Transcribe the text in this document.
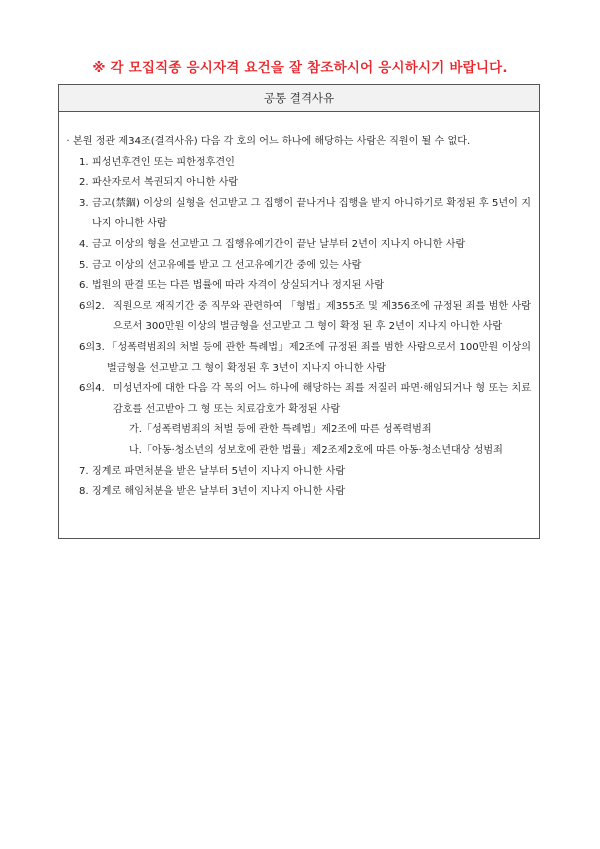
※ 각 모집직종 응시자격 요건을 잘 참조하시어 응시하시기 바랍니다.
공통 결격사유
· 본원 정관 제34조(결격사유) 다음 각 호의 어느 하나에 해당하는 사람은 직원이 될 수 없다.
1. 피성년후견인 또는 피한정후견인
2. 파산자로서 복권되지 아니한 사람
3. 금고(禁錮) 이상의 실형을 선고받고 그 집행이 끝나거나 집행을 받지 아니하기로 확정된 후 5년이 지나지 아니한 사람
4. 금고 이상의 형을 선고받고 그 집행유예기간이 끝난 날부터 2년이 지나지 아니한 사람
5. 금고 이상의 선고유예를 받고 그 선고유예기간 중에 있는 사람
6. 법원의 판결 또는 다른 법률에 따라 자격이 상실되거나 정지된 사람
6의2. 직원으로 재직기간 중 직무와 관련하여 「형법」제355조 및 제356조에 규정된 죄를 범한 사람으로서 300만원 이상의 벌금형을 선고받고 그 형이 확정 된 후 2년이 지나지 아니한 사람
6의3. 「성폭력범죄의 처벌 등에 관한 특례법」제2조에 규정된 죄를 범한 사람으로서 100만원 이상의 벌금형을 선고받고 그 형이 확정된 후 3년이 지나지 아니한 사람
6의4. 미성년자에 대한 다음 각 목의 어느 하나에 해당하는 죄를 저질러 파면·해임되거나 형 또는 치료감호를 선고받아 그 형 또는 치료감호가 확정된 사람
가.「성폭력범죄의 처벌 등에 관한 특례법」제2조에 따른 성폭력범죄
나.「아동·청소년의 성보호에 관한 법률」제2조제2호에 따른 아동·청소년대상 성범죄
7. 징계로 파면처분을 받은 날부터 5년이 지나지 아니한 사람
8. 징계로 해임처분을 받은 날부터 3년이 지나지 아니한 사람
